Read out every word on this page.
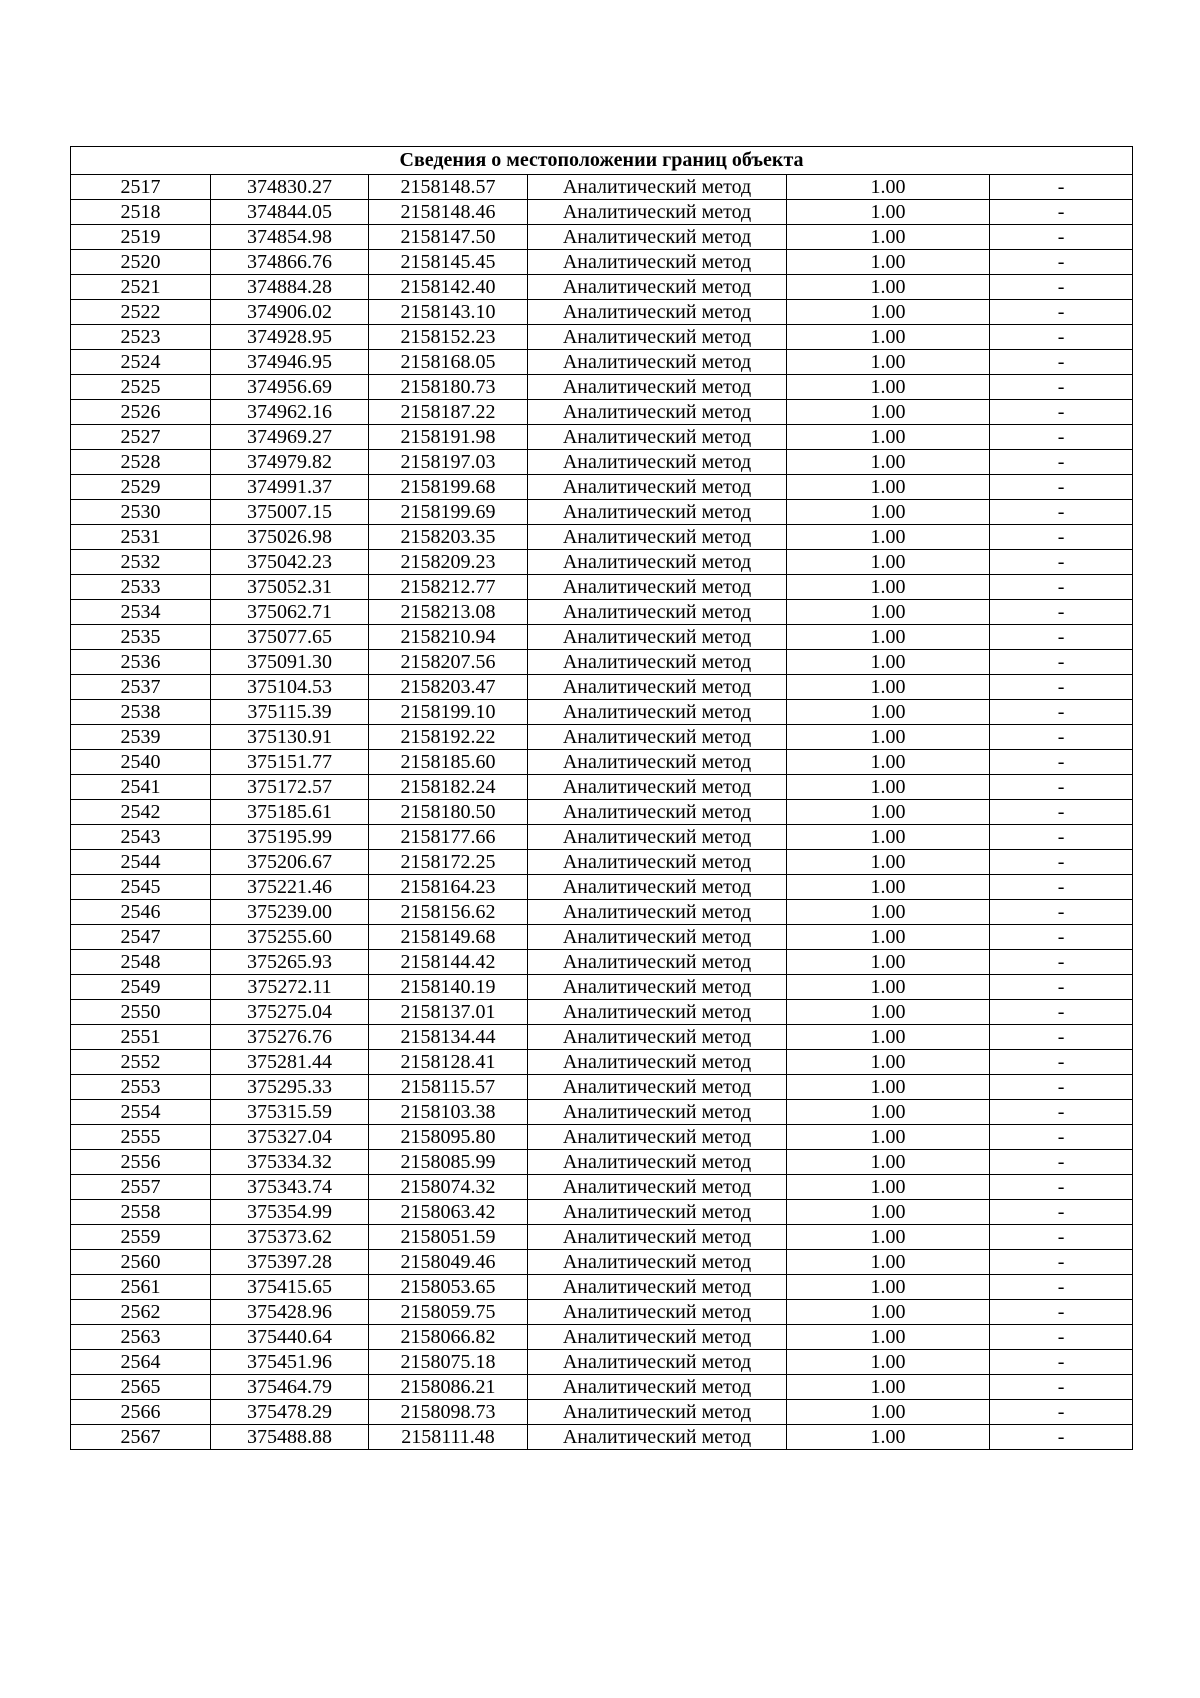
Сведения о местоположении границ объекта					
2517	374830.27	2158148.57	Аналитический метод	1.00	-
2518	374844.05	2158148.46	Аналитический метод	1.00	-
2519	374854.98	2158147.50	Аналитический метод	1.00	-
2520	374866.76	2158145.45	Аналитический метод	1.00	-
2521	374884.28	2158142.40	Аналитический метод	1.00	-
2522	374906.02	2158143.10	Аналитический метод	1.00	-
2523	374928.95	2158152.23	Аналитический метод	1.00	-
2524	374946.95	2158168.05	Аналитический метод	1.00	-
2525	374956.69	2158180.73	Аналитический метод	1.00	-
2526	374962.16	2158187.22	Аналитический метод	1.00	-
2527	374969.27	2158191.98	Аналитический метод	1.00	-
2528	374979.82	2158197.03	Аналитический метод	1.00	-
2529	374991.37	2158199.68	Аналитический метод	1.00	-
2530	375007.15	2158199.69	Аналитический метод	1.00	-
2531	375026.98	2158203.35	Аналитический метод	1.00	-
2532	375042.23	2158209.23	Аналитический метод	1.00	-
2533	375052.31	2158212.77	Аналитический метод	1.00	-
2534	375062.71	2158213.08	Аналитический метод	1.00	-
2535	375077.65	2158210.94	Аналитический метод	1.00	-
2536	375091.30	2158207.56	Аналитический метод	1.00	-
2537	375104.53	2158203.47	Аналитический метод	1.00	-
2538	375115.39	2158199.10	Аналитический метод	1.00	-
2539	375130.91	2158192.22	Аналитический метод	1.00	-
2540	375151.77	2158185.60	Аналитический метод	1.00	-
2541	375172.57	2158182.24	Аналитический метод	1.00	-
2542	375185.61	2158180.50	Аналитический метод	1.00	-
2543	375195.99	2158177.66	Аналитический метод	1.00	-
2544	375206.67	2158172.25	Аналитический метод	1.00	-
2545	375221.46	2158164.23	Аналитический метод	1.00	-
2546	375239.00	2158156.62	Аналитический метод	1.00	-
2547	375255.60	2158149.68	Аналитический метод	1.00	-
2548	375265.93	2158144.42	Аналитический метод	1.00	-
2549	375272.11	2158140.19	Аналитический метод	1.00	-
2550	375275.04	2158137.01	Аналитический метод	1.00	-
2551	375276.76	2158134.44	Аналитический метод	1.00	-
2552	375281.44	2158128.41	Аналитический метод	1.00	-
2553	375295.33	2158115.57	Аналитический метод	1.00	-
2554	375315.59	2158103.38	Аналитический метод	1.00	-
2555	375327.04	2158095.80	Аналитический метод	1.00	-
2556	375334.32	2158085.99	Аналитический метод	1.00	-
2557	375343.74	2158074.32	Аналитический метод	1.00	-
2558	375354.99	2158063.42	Аналитический метод	1.00	-
2559	375373.62	2158051.59	Аналитический метод	1.00	-
2560	375397.28	2158049.46	Аналитический метод	1.00	-
2561	375415.65	2158053.65	Аналитический метод	1.00	-
2562	375428.96	2158059.75	Аналитический метод	1.00	-
2563	375440.64	2158066.82	Аналитический метод	1.00	-
2564	375451.96	2158075.18	Аналитический метод	1.00	-
2565	375464.79	2158086.21	Аналитический метод	1.00	-
2566	375478.29	2158098.73	Аналитический метод	1.00	-
2567	375488.88	2158111.48	Аналитический метод	1.00	-
